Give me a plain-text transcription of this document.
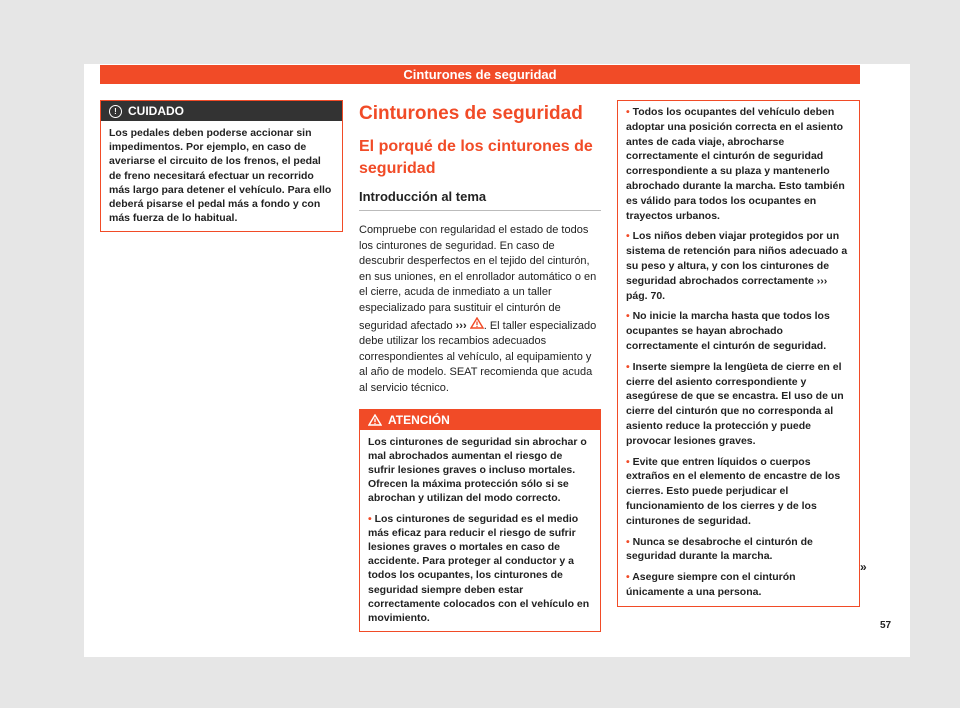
Cinturones de seguridad
! CUIDADO

Los pedales deben poderse accionar sin impedimentos. Por ejemplo, en caso de averiarse el circuito de los frenos, el pedal de freno necesitará efectuar un recorrido más largo para detener el vehículo. Para ello deberá pisarse el pedal más a fondo y con más fuerza de lo habitual.

Cinturones de seguridad
El porqué de los cinturones de seguridad
Introducción al tema

Compruebe con regularidad el estado de todos los cinturones de seguridad. En caso de descubrir desperfectos en el tejido del cinturón, en sus uniones, en el enrollador automático o en el cierre, acuda de inmediato a un taller especializado para sustituir el cinturón de seguridad afectado ››› . El taller especializado debe utilizar los recambios adecuados correspondientes al vehículo, al equipamiento y al año de modelo. SEAT recomienda que acuda al servicio técnico.

ATENCIÓN

Los cinturones de seguridad sin abrochar o mal abrochados aumentan el riesgo de sufrir lesiones graves o incluso mortales. Ofrecen la máxima protección sólo si se abrochan y utilizan del modo correcto.

• Los cinturones de seguridad es el medio más eficaz para reducir el riesgo de sufrir lesiones graves o mortales en caso de accidente. Para proteger al conductor y a todos los ocupantes, los cinturones de seguridad siempre deben estar correctamente colocados con el vehículo en movimiento.

• Todos los ocupantes del vehículo deben adoptar una posición correcta en el asiento antes de cada viaje, abrocharse correctamente el cinturón de seguridad correspondiente a su plaza y mantenerlo abrochado durante la marcha. Esto también es válido para todos los ocupantes en trayectos urbanos.

• Los niños deben viajar protegidos por un sistema de retención para niños adecuado a su peso y altura, y con los cinturones de seguridad abrochados correctamente ››› pág. 70.

• No inicie la marcha hasta que todos los ocupantes se hayan abrochado correctamente el cinturón de seguridad.

• Inserte siempre la lengüeta de cierre en el cierre del asiento correspondiente y asegúrese de que se encastra. El uso de un cierre del cinturón que no corresponda al asiento reduce la protección y puede provocar lesiones graves.

• Evite que entren líquidos o cuerpos extraños en el elemento de encastre de los cierres. Esto puede perjudicar el funcionamiento de los cierres y de los cinturones de seguridad.

• Nunca se desabroche el cinturón de seguridad durante la marcha.

• Asegure siempre con el cinturón únicamente a una persona.

»
57
